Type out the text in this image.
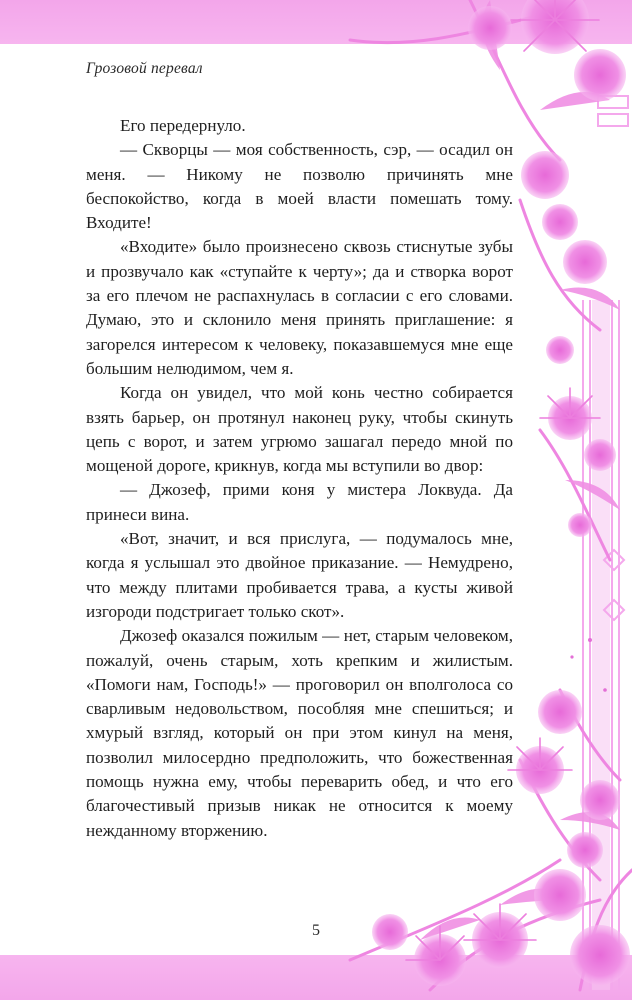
Грозовой перевал

Его передернуло.

— Скворцы — моя собственность, сэр, — осадил он меня. — Никому не позволю причинять мне беспокойство, когда в моей власти помешать тому. Входите!

«Входите» было произнесено сквозь стиснутые зубы и прозвучало как «ступайте к черту»; да и створка ворот за его плечом не распахнулась в согласии с его словами. Думаю, это и склонило меня принять приглашение: я загорелся интересом к человеку, показавшемуся мне еще большим нелюдимом, чем я.

Когда он увидел, что мой конь честно собирается взять барьер, он протянул наконец руку, чтобы скинуть цепь с ворот, и затем угрюмо зашагал передо мной по мощеной дороге, крикнув, когда мы вступили во двор:

— Джозеф, прими коня у мистера Локвуда. Да принеси вина.

«Вот, значит, и вся прислуга, — подумалось мне, когда я услышал это двойное приказание. — Немудрено, что между плитами пробивается трава, а кусты живой изгороди подстригает только скот».

Джозеф оказался пожилым — нет, старым человеком, пожалуй, очень старым, хоть крепким и жилистым. «Помоги нам, Господь!» — проговорил он вполголоса со сварливым недовольством, пособляя мне спешиться; и хмурый взгляд, который он при этом кинул на меня, позволил милосердно предположить, что божественная помощь нужна ему, чтобы переварить обед, и что его благочестивый призыв никак не относится к моему нежданному вторжению.

5
